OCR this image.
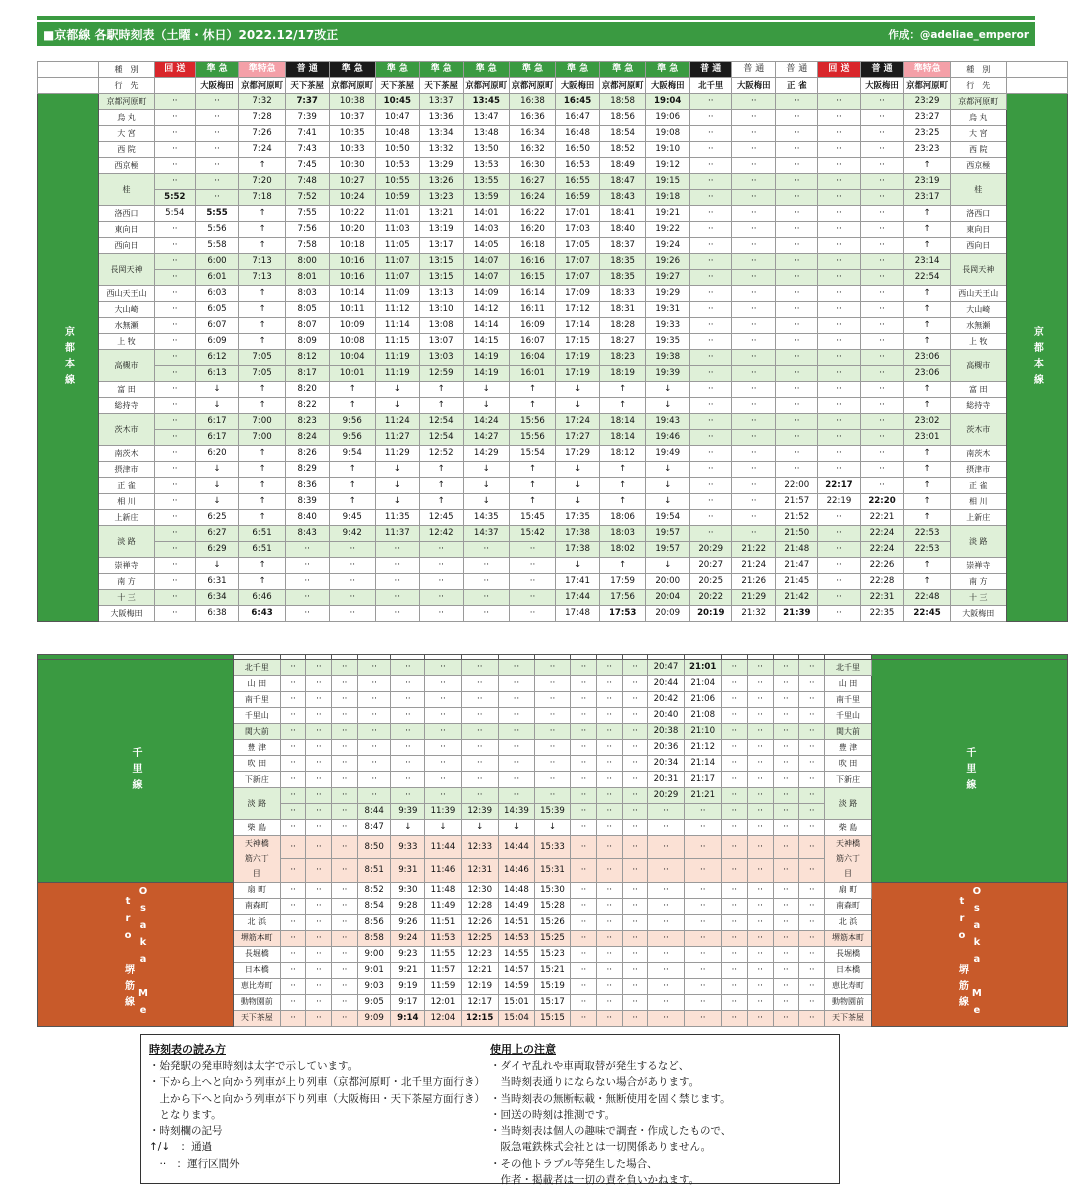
■京都線 各駅時刻表（土曜・休日）2022.12/17改正	作成：@adeliae_emperor
	種　別	回 送	準 急	準特急	普 通	準 急	準 急	準 急	準 急	準 急	準 急	準 急	準 急	普 通	普 通	普 通	回 送	普 通	準特急	種　別	
	行　先		大阪梅田	京都河原町	天下茶屋	京都河原町	天下茶屋	天下茶屋	京都河原町	京都河原町	大阪梅田	京都河原町	大阪梅田	北千里	大阪梅田	正 雀		大阪梅田	京都河原町	行　先	
京都本線	京都河原町	··	··	7:32	7:37	10:38	10:45	13:37	13:45	16:38	16:45	18:58	19:04	··	··	··	··	··	23:29	京都河原町	京都本線
	烏 丸	··	··	7:28	7:39	10:37	10:47	13:36	13:47	16:36	16:47	18:56	19:06	··	··	··	··	··	23:27	烏 丸	
	大 宮	··	··	7:26	7:41	10:35	10:48	13:34	13:48	16:34	16:48	18:54	19:08	··	··	··	··	··	23:25	大 宮	
	西 院	··	··	7:24	7:43	10:33	10:50	13:32	13:50	16:32	16:50	18:52	19:10	··	··	··	··	··	23:23	西 院	
	西京極	··	··	↑	7:45	10:30	10:53	13:29	13:53	16:30	16:53	18:49	19:12	··	··	··	··	··	↑	西京極	
	桂	··	··	7:20	7:48	10:27	10:55	13:26	13:55	16:27	16:55	18:47	19:15	··	··	··	··	··	23:19	桂	
		5:52	··	7:18	7:52	10:24	10:59	13:23	13:59	16:24	16:59	18:43	19:18	··	··	··	··	··	23:17		
	洛西口	5:54	5:55	↑	7:55	10:22	11:01	13:21	14:01	16:22	17:01	18:41	19:21	··	··	··	··	··	↑	洛西口	
	東向日	··	5:56	↑	7:56	10:20	11:03	13:19	14:03	16:20	17:03	18:40	19:22	··	··	··	··	··	↑	東向日	
	西向日	··	5:58	↑	7:58	10:18	11:05	13:17	14:05	16:18	17:05	18:37	19:24	··	··	··	··	··	↑	西向日	
	長岡天神	··	6:00	7:13	8:00	10:16	11:07	13:15	14:07	16:16	17:07	18:35	19:26	··	··	··	··	··	23:14	長岡天神	
		··	6:01	7:13	8:01	10:16	11:07	13:15	14:07	16:15	17:07	18:35	19:27	··	··	··	··	··	22:54		
	西山天王山	··	6:03	↑	8:03	10:14	11:09	13:13	14:09	16:14	17:09	18:33	19:29	··	··	··	··	··	↑	西山天王山	
	大山崎	··	6:05	↑	8:05	10:11	11:12	13:10	14:12	16:11	17:12	18:31	19:31	··	··	··	··	··	↑	大山崎	
	水無瀬	··	6:07	↑	8:07	10:09	11:14	13:08	14:14	16:09	17:14	18:28	19:33	··	··	··	··	··	↑	水無瀬	
	上 牧	··	6:09	↑	8:09	10:08	11:15	13:07	14:15	16:07	17:15	18:27	19:35	··	··	··	··	··	↑	上 牧	
	高槻市	··	6:12	7:05	8:12	10:04	11:19	13:03	14:19	16:04	17:19	18:23	19:38	··	··	··	··	··	23:06	高槻市	
		··	6:13	7:05	8:17	10:01	11:19	12:59	14:19	16:01	17:19	18:19	19:39	··	··	··	··	··	23:06		
	富 田	··	↓	↑	8:20	↑	↓	↑	↓	↑	↓	↑	↓	··	··	··	··	··	↑	富 田	
	総持寺	··	↓	↑	8:22	↑	↓	↑	↓	↑	↓	↑	↓	··	··	··	··	··	↑	総持寺	
	茨木市	··	6:17	7:00	8:23	9:56	11:24	12:54	14:24	15:56	17:24	18:14	19:43	··	··	··	··	··	23:02	茨木市	
		··	6:17	7:00	8:24	9:56	11:27	12:54	14:27	15:56	17:27	18:14	19:46	··	··	··	··	··	23:01		
	南茨木	··	6:20	↑	8:26	9:54	11:29	12:52	14:29	15:54	17:29	18:12	19:49	··	··	··	··	··	↑	南茨木	
	摂津市	··	↓	↑	8:29	↑	↓	↑	↓	↑	↓	↑	↓	··	··	··	··	··	↑	摂津市	
	正 雀	··	↓	↑	8:36	↑	↓	↑	↓	↑	↓	↑	↓	··	··	22:00	22:17	··	↑	正 雀	
	相 川	··	↓	↑	8:39	↑	↓	↑	↓	↑	↓	↑	↓	··	··	21:57	22:19	22:20	↑	相 川	
	上新庄	··	6:25	↑	8:40	9:45	11:35	12:45	14:35	15:45	17:35	18:06	19:54	··	··	21:52	··	22:21	↑	上新庄	
	淡 路	··	6:27	6:51	8:43	9:42	11:37	12:42	14:37	15:42	17:38	18:03	19:57	··	··	21:50	··	22:24	22:53	淡 路	
		··	6:29	6:51	··	··	··	··	··	··	17:38	18:02	19:57	20:29	21:22	21:48	··	22:24	22:53		
	崇禅寺	··	↓	↑	··	··	··	··	··	··	↓	↑	↓	20:27	21:24	21:47	··	22:26	↑	崇禅寺	
	南 方	··	6:31	↑	··	··	··	··	··	··	17:41	17:59	20:00	20:25	21:26	21:45	··	22:28	↑	南 方	
	十 三	··	6:34	6:46	··	··	··	··	··	··	17:44	17:56	20:04	20:22	21:29	21:42	··	22:31	22:48	十 三	
	大阪梅田	··	6:38	6:43	··	··	··	··	··	··	17:48	17:53	20:09	20:19	21:32	21:39	··	22:35	22:45	大阪梅田	

千里線	北千里	··	··	··	··	··	··	··	··	··	··	··	··	20:47	21:01	··	··	··	··	北千里	千里線
	山 田	··	··	··	··	··	··	··	··	··	··	··	··	20:44	21:04	··	··	··	··	山 田	
	南千里	··	··	··	··	··	··	··	··	··	··	··	··	20:42	21:06	··	··	··	··	南千里	
	千里山	··	··	··	··	··	··	··	··	··	··	··	··	20:40	21:08	··	··	··	··	千里山	
	関大前	··	··	··	··	··	··	··	··	··	··	··	··	20:38	21:10	··	··	··	··	関大前	
	豊 津	··	··	··	··	··	··	··	··	··	··	··	··	20:36	21:12	··	··	··	··	豊 津	
	吹 田	··	··	··	··	··	··	··	··	··	··	··	··	20:34	21:14	··	··	··	··	吹 田	
	下新庄	··	··	··	··	··	··	··	··	··	··	··	··	20:31	21:17	··	··	··	··	下新庄	
	淡 路	··	··	··	··	··	··	··	··	··	··	··	··	20:29	21:21	··	··	··	··	淡 路	
		··	··	··	8:44	9:39	11:39	12:39	14:39	15:39	··	··	··	··	··	··	··	··	··		
	柴 島	··	··	··	8:47	↓	↓	↓	↓	↓	··	··	··	··	··	··	··	··	··	柴 島	
	天神橋筋六丁目	··	··	··	8:50	9:33	11:44	12:33	14:44	15:33	··	··	··	··	··	··	··	··	··	天神橋筋六丁目	
		··	··	··	8:51	9:31	11:46	12:31	14:46	15:31	··	··	··	··	··	··	··	··	··		
Osaka Metro 堺筋線	扇 町	··	··	··	8:52	9:30	11:48	12:30	14:48	15:30	··	··	··	··	··	··	··	··	··	扇 町	Osaka Metro 堺筋線
	南森町	··	··	··	8:54	9:28	11:49	12:28	14:49	15:28	··	··	··	··	··	··	··	··	··	南森町	
	北 浜	··	··	··	8:56	9:26	11:51	12:26	14:51	15:26	··	··	··	··	··	··	··	··	··	北 浜	
	堺筋本町	··	··	··	8:58	9:24	11:53	12:25	14:53	15:25	··	··	··	··	··	··	··	··	··	堺筋本町	
	長堀橋	··	··	··	9:00	9:23	11:55	12:23	14:55	15:23	··	··	··	··	··	··	··	··	··	長堀橋	
	日本橋	··	··	··	9:01	9:21	11:57	12:21	14:57	15:21	··	··	··	··	··	··	··	··	··	日本橋	
	恵比寿町	··	··	··	9:03	9:19	11:59	12:19	14:59	15:19	··	··	··	··	··	··	··	··	··	恵比寿町	
	動物園前	··	··	··	9:05	9:17	12:01	12:17	15:01	15:17	··	··	··	··	··	··	··	··	··	動物園前	
	天下茶屋	··	··	··	9:09	9:14	12:04	12:15	15:04	15:15	··	··	··	··	··	··	··	··	··	天下茶屋	
時刻表の読み方

・始発駅の発車時刻は太字で示しています。

・下から上へと向かう列車が上り列車（京都河原町・北千里方面行き）

　上から下へと向かう列車が下り列車（大阪梅田・天下茶屋方面行き）

　となります。

・時刻欄の記号

↑/↓　：通過

　··　：運行区間外

使用上の注意

・ダイヤ乱れや車両取替が発生するなど、

　当時刻表通りにならない場合があります。

・当時刻表の無断転載・無断使用を固く禁じます。

・回送の時刻は推測です。

・当時刻表は個人の趣味で調査・作成したもので、

　阪急電鉄株式会社とは一切関係ありません。

・その他トラブル等発生した場合、

　作者・掲載者は一切の責を負いかねます。
